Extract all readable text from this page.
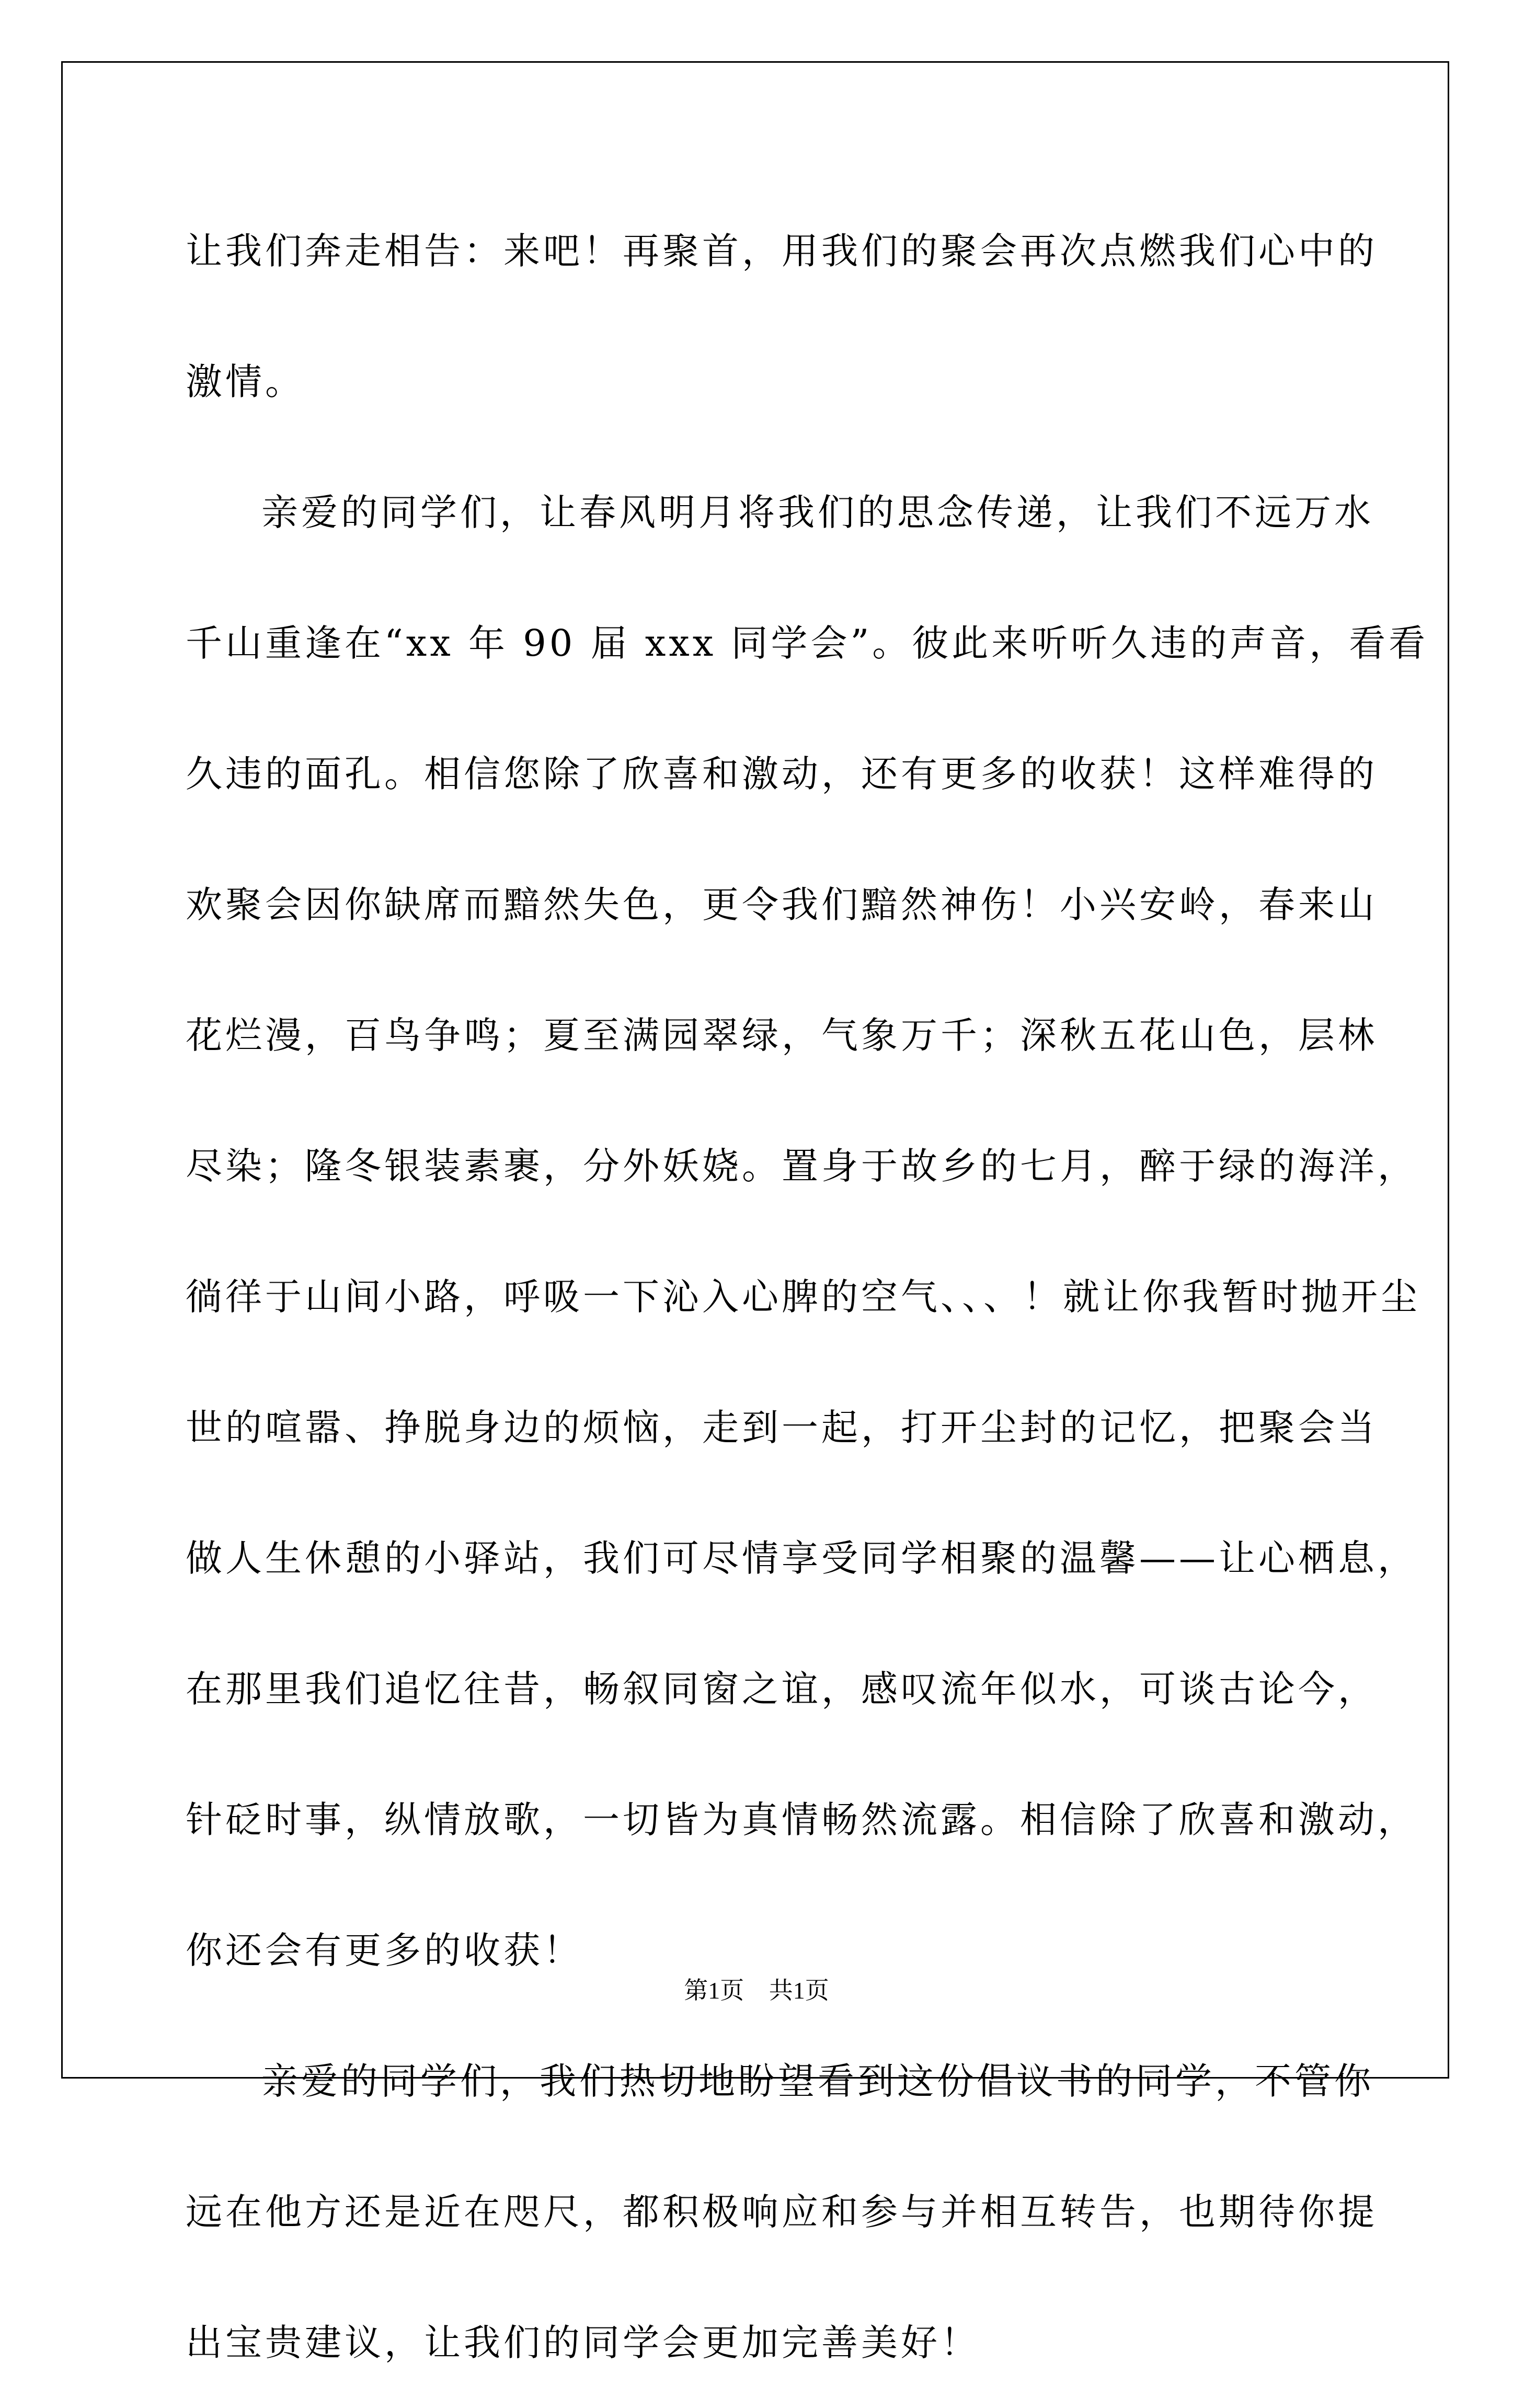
让我们奔走相告：来吧！再聚首，用我们的聚会再次点燃我们心中的
激情。

亲爱的同学们，让春风明月将我们的思念传递，让我们不远万水
千山重逢在“xx 年 90 届 xxx 同学会”。彼此来听听久违的声音，看看
久违的面孔。相信您除了欣喜和激动，还有更多的收获！这样难得的
欢聚会因你缺席而黯然失色，更令我们黯然神伤！小兴安岭，春来山
花烂漫，百鸟争鸣；夏至满园翠绿，气象万千；深秋五花山色，层林
尽染；隆冬银装素裹，分外妖娆。置身于故乡的七月，醉于绿的海洋，
徜徉于山间小路，呼吸一下沁入心脾的空气、、、！就让你我暂时抛开尘
世的喧嚣、挣脱身边的烦恼，走到一起，打开尘封的记忆，把聚会当
做人生休憩的小驿站，我们可尽情享受同学相聚的温馨——让心栖息，
在那里我们追忆往昔，畅叙同窗之谊，感叹流年似水，可谈古论今，
针砭时事，纵情放歌，一切皆为真情畅然流露。相信除了欣喜和激动，
你还会有更多的收获！

亲爱的同学们，我们热切地盼望看到这份倡议书的同学，不管你
远在他方还是近在咫尺，都积极响应和参与并相互转告，也期待你提
出宝贵建议，让我们的同学会更加完善美好！

第1页 共1页
